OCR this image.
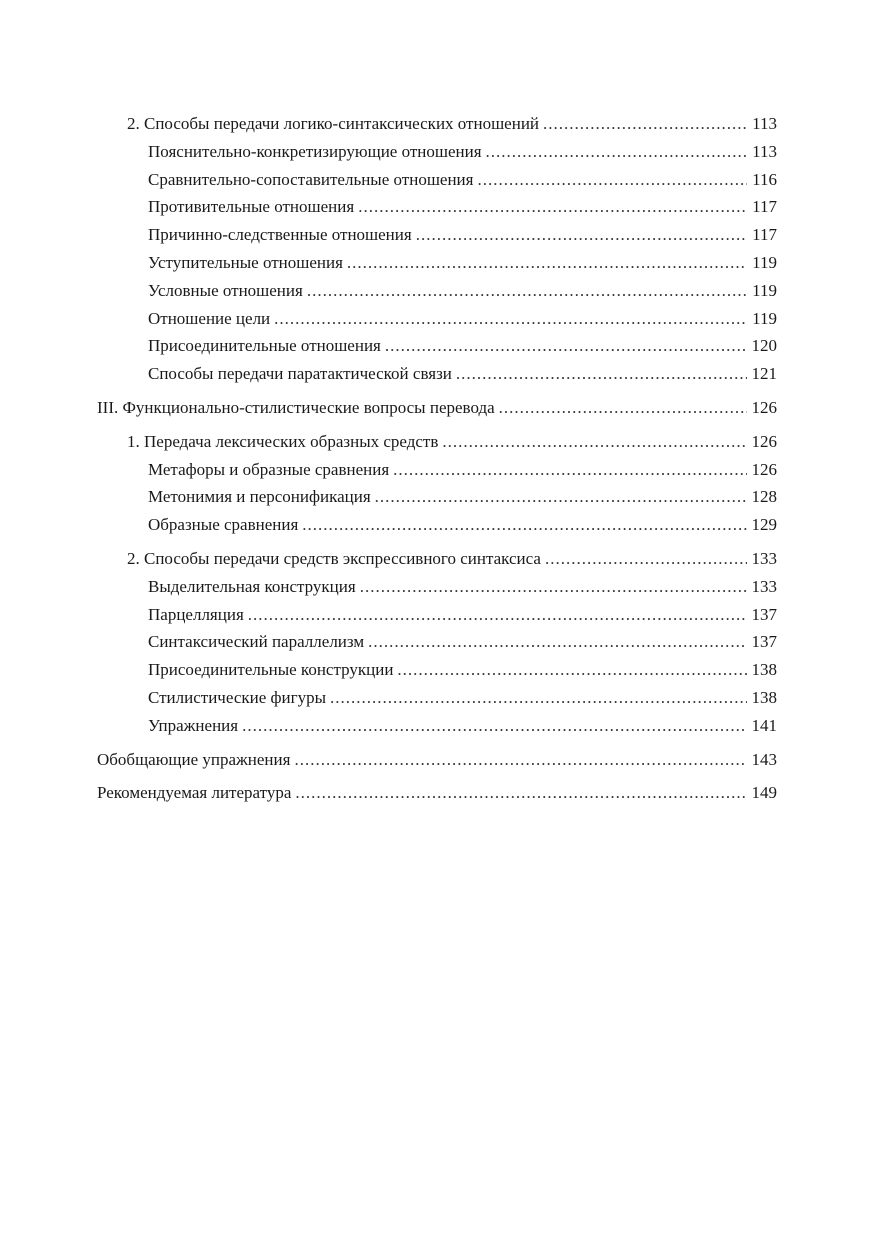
2. Способы передачи логико-синтаксических отношений .....	113
Пояснительно-конкретизирующие отношения .....	113
Сравнительно-сопоставительные отношения .....	116
Противительные отношения .....	117
Причинно-следственные отношения .....	117
Уступительные отношения .....	119
Условные отношения .....	119
Отношение цели .....	119
Присоединительные отношения .....	120
Способы передачи паратактической связи .....	121
III. Функционально-стилистические вопросы перевода .....	126
1. Передача лексических образных средств .....	126
Метафоры и образные сравнения .....	126
Метонимия и персонификация .....	128
Образные сравнения .....	129
2. Способы передачи средств экспрессивного синтаксиса .....	133
Выделительная конструкция .....	133
Парцелляция .....	137
Синтаксический параллелизм .....	137
Присоединительные конструкции .....	138
Стилистические фигуры .....	138
Упражнения .....	141
Обобщающие упражнения .....	143
Рекомендуемая литература .....	149
